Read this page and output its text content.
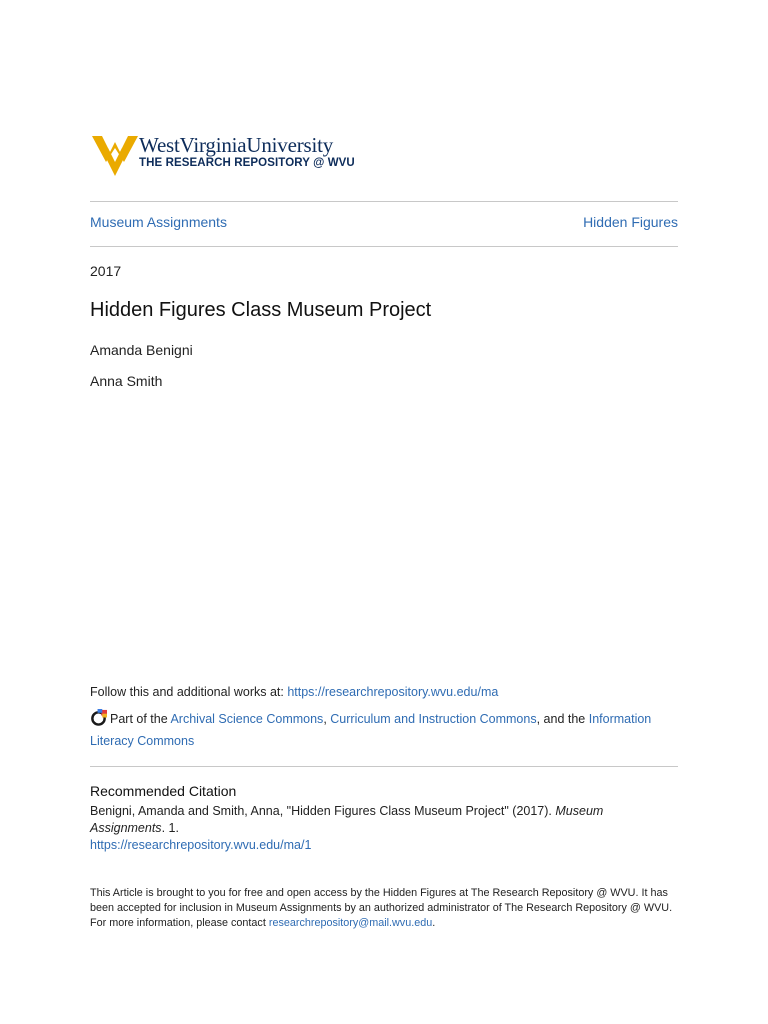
WestVirginiaUniversity
THE RESEARCH REPOSITORY @ WVU
Museum Assignments	Hidden Figures
2017
Hidden Figures Class Museum Project
Amanda Benigni
Anna Smith
Follow this and additional works at: https://researchrepository.wvu.edu/ma
Part of the Archival Science Commons, Curriculum and Instruction Commons, and the Information Literacy Commons
Recommended Citation
Benigni, Amanda and Smith, Anna, "Hidden Figures Class Museum Project" (2017). Museum Assignments. 1.
https://researchrepository.wvu.edu/ma/1
This Article is brought to you for free and open access by the Hidden Figures at The Research Repository @ WVU. It has been accepted for inclusion in Museum Assignments by an authorized administrator of The Research Repository @ WVU. For more information, please contact researchrepository@mail.wvu.edu.
